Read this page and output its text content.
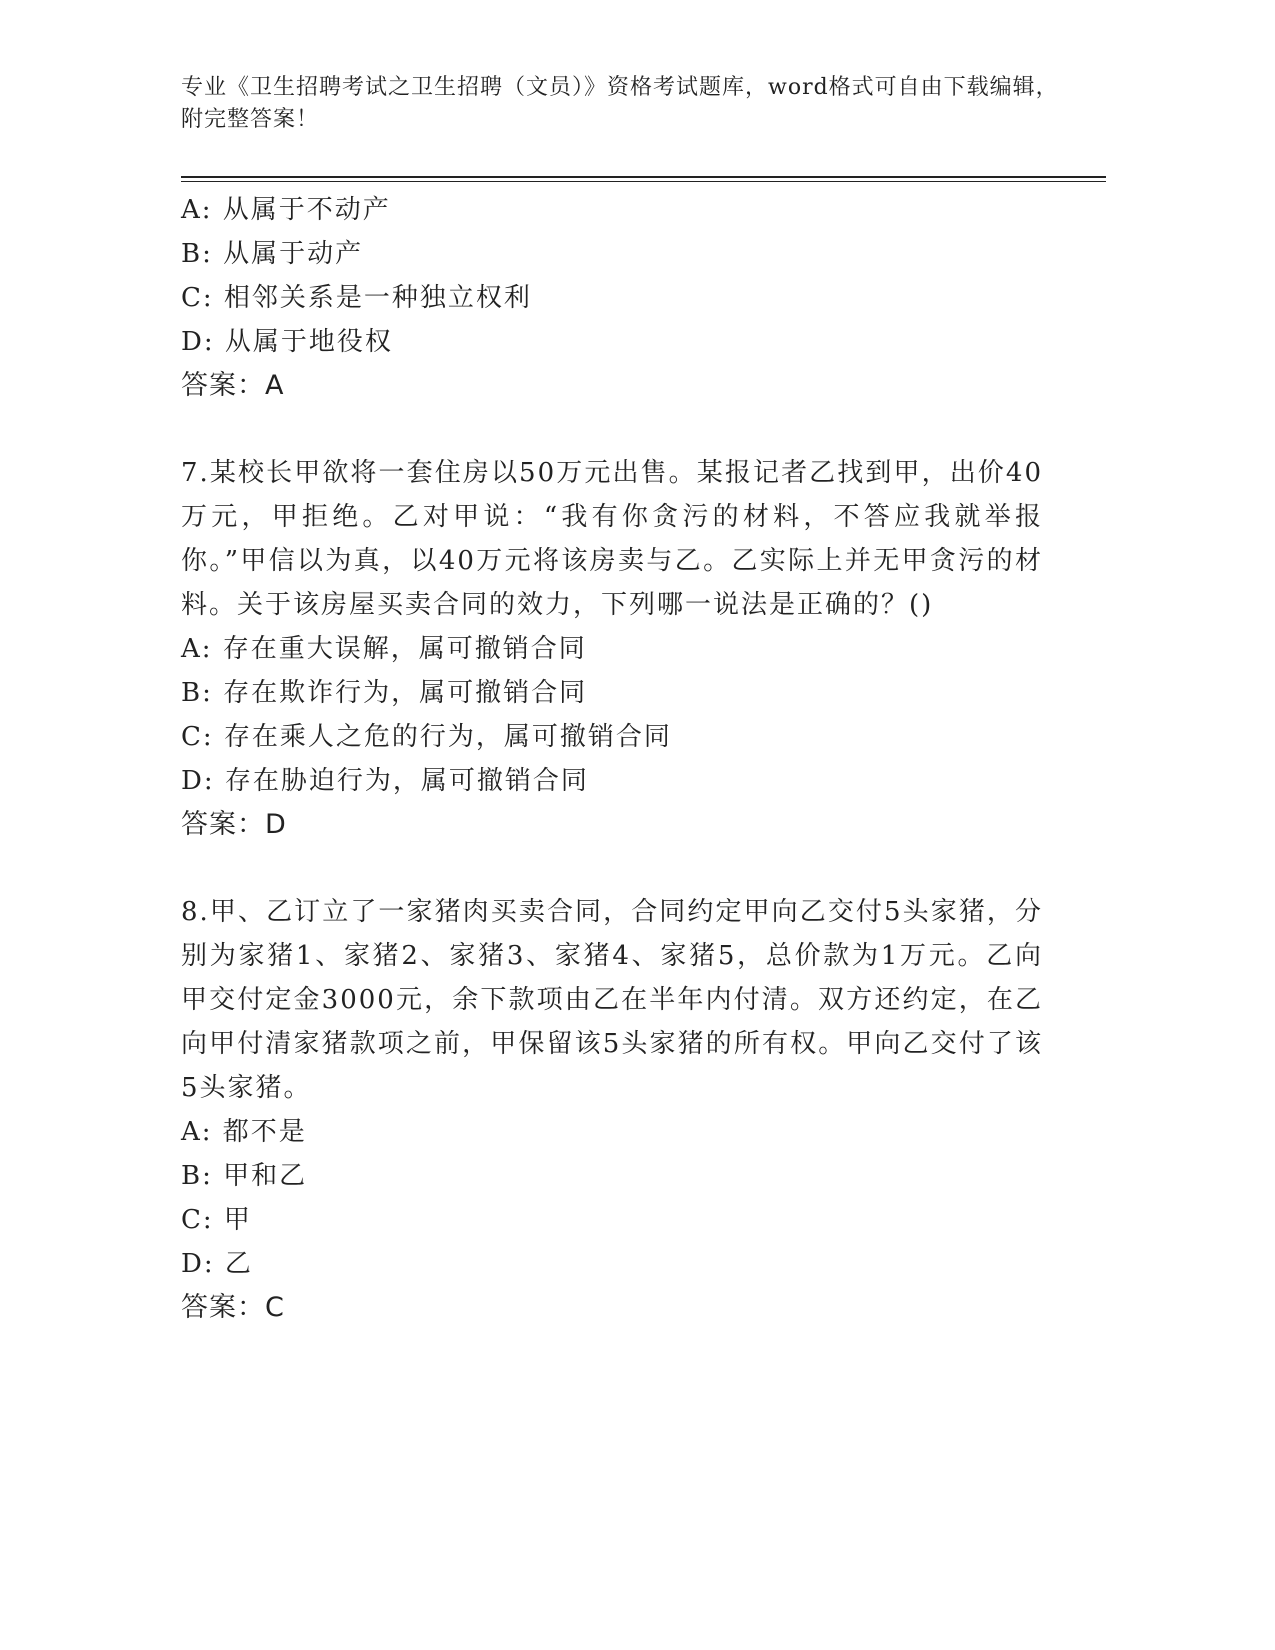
专业《卫生招聘考试之卫生招聘（文员）》资格考试题库，word格式可自由下载编辑，附完整答案！
A: 从属于不动产
B: 从属于动产
C: 相邻关系是一种独立权利
D: 从属于地役权
答案：A
7.某校长甲欲将一套住房以50万元出售。某报记者乙找到甲，出价40万元，甲拒绝。乙对甲说：“我有你贪污的材料，不答应我就举报你。”甲信以为真，以40万元将该房卖与乙。乙实际上并无甲贪污的材料。关于该房屋买卖合同的效力，下列哪一说法是正确的？()
A: 存在重大误解，属可撤销合同
B: 存在欺诈行为，属可撤销合同
C: 存在乘人之危的行为，属可撤销合同
D: 存在胁迫行为，属可撤销合同
答案：D
8.甲、乙订立了一家猪肉买卖合同，合同约定甲向乙交付5头家猪，分别为家猪1、家猪2、家猪3、家猪4、家猪5，总价款为1万元。乙向甲交付定金3000元，余下款项由乙在半年内付清。双方还约定，在乙向甲付清家猪款项之前，甲保留该5头家猪的所有权。甲向乙交付了该5头家猪。
A: 都不是
B: 甲和乙
C: 甲
D: 乙
答案：C
